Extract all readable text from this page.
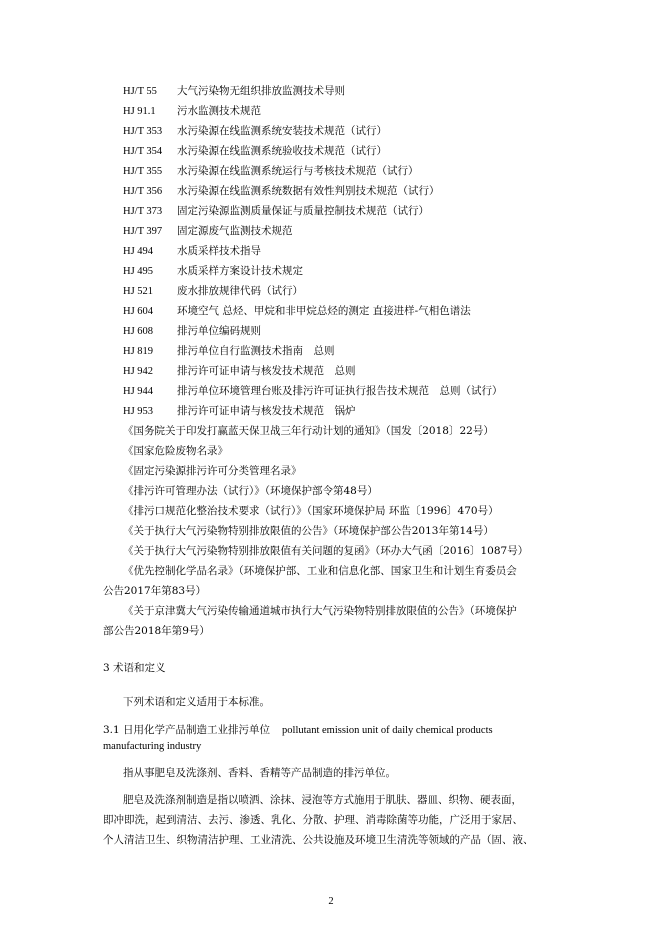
HJ/T 55 大气污染物无组织排放监测技术导则
HJ 91.1 污水监测技术规范
HJ/T 353 水污染源在线监测系统安装技术规范（试行）
HJ/T 354 水污染源在线监测系统验收技术规范（试行）
HJ/T 355 水污染源在线监测系统运行与考核技术规范（试行）
HJ/T 356 水污染源在线监测系统数据有效性判别技术规范（试行）
HJ/T 373 固定污染源监测质量保证与质量控制技术规范（试行）
HJ/T 397 固定源废气监测技术规范
HJ 494 水质采样技术指导
HJ 495 水质采样方案设计技术规定
HJ 521 废水排放规律代码（试行）
HJ 604 环境空气 总烃、甲烷和非甲烷总烃的测定 直接进样-气相色谱法
HJ 608 排污单位编码规则
HJ 819 排污单位自行监测技术指南　总则
HJ 942 排污许可证申请与核发技术规范　总则
HJ 944 排污单位环境管理台账及排污许可证执行报告技术规范　总则（试行）
HJ 953 排污许可证申请与核发技术规范　锅炉
《国务院关于印发打赢蓝天保卫战三年行动计划的通知》（国发〔2018〕22号）
《国家危险废物名录》
《固定污染源排污许可分类管理名录》
《排污许可管理办法（试行）》（环境保护部令第48号）
《排污口规范化整治技术要求（试行）》（国家环境保护局 环监〔1996〕470号）
《关于执行大气污染物特别排放限值的公告》（环境保护部公告2013年第14号）
《关于执行大气污染物特别排放限值有关问题的复函》（环办大气函〔2016〕1087号）
《优先控制化学品名录》（环境保护部、工业和信息化部、国家卫生和计划生育委员会
公告2017年第83号）
《关于京津冀大气污染传输通道城市执行大气污染物特别排放限值的公告》（环境保护
部公告2018年第9号）
3 术语和定义
下列术语和定义适用于本标准。
3.1 日用化学产品制造工业排污单位 pollutant emission unit of daily chemical products
manufacturing industry
指从事肥皂及洗涤剂、香料、香精等产品制造的排污单位。
肥皂及洗涤剂制造是指以喷洒、涂抹、浸泡等方式施用于肌肤、器皿、织物、硬表面，
即冲即洗，起到清洁、去污、渗透、乳化、分散、护理、消毒除菌等功能，广泛用于家居、
个人清洁卫生、织物清洁护理、工业清洗、公共设施及环境卫生清洗等领域的产品（固、液、
2
